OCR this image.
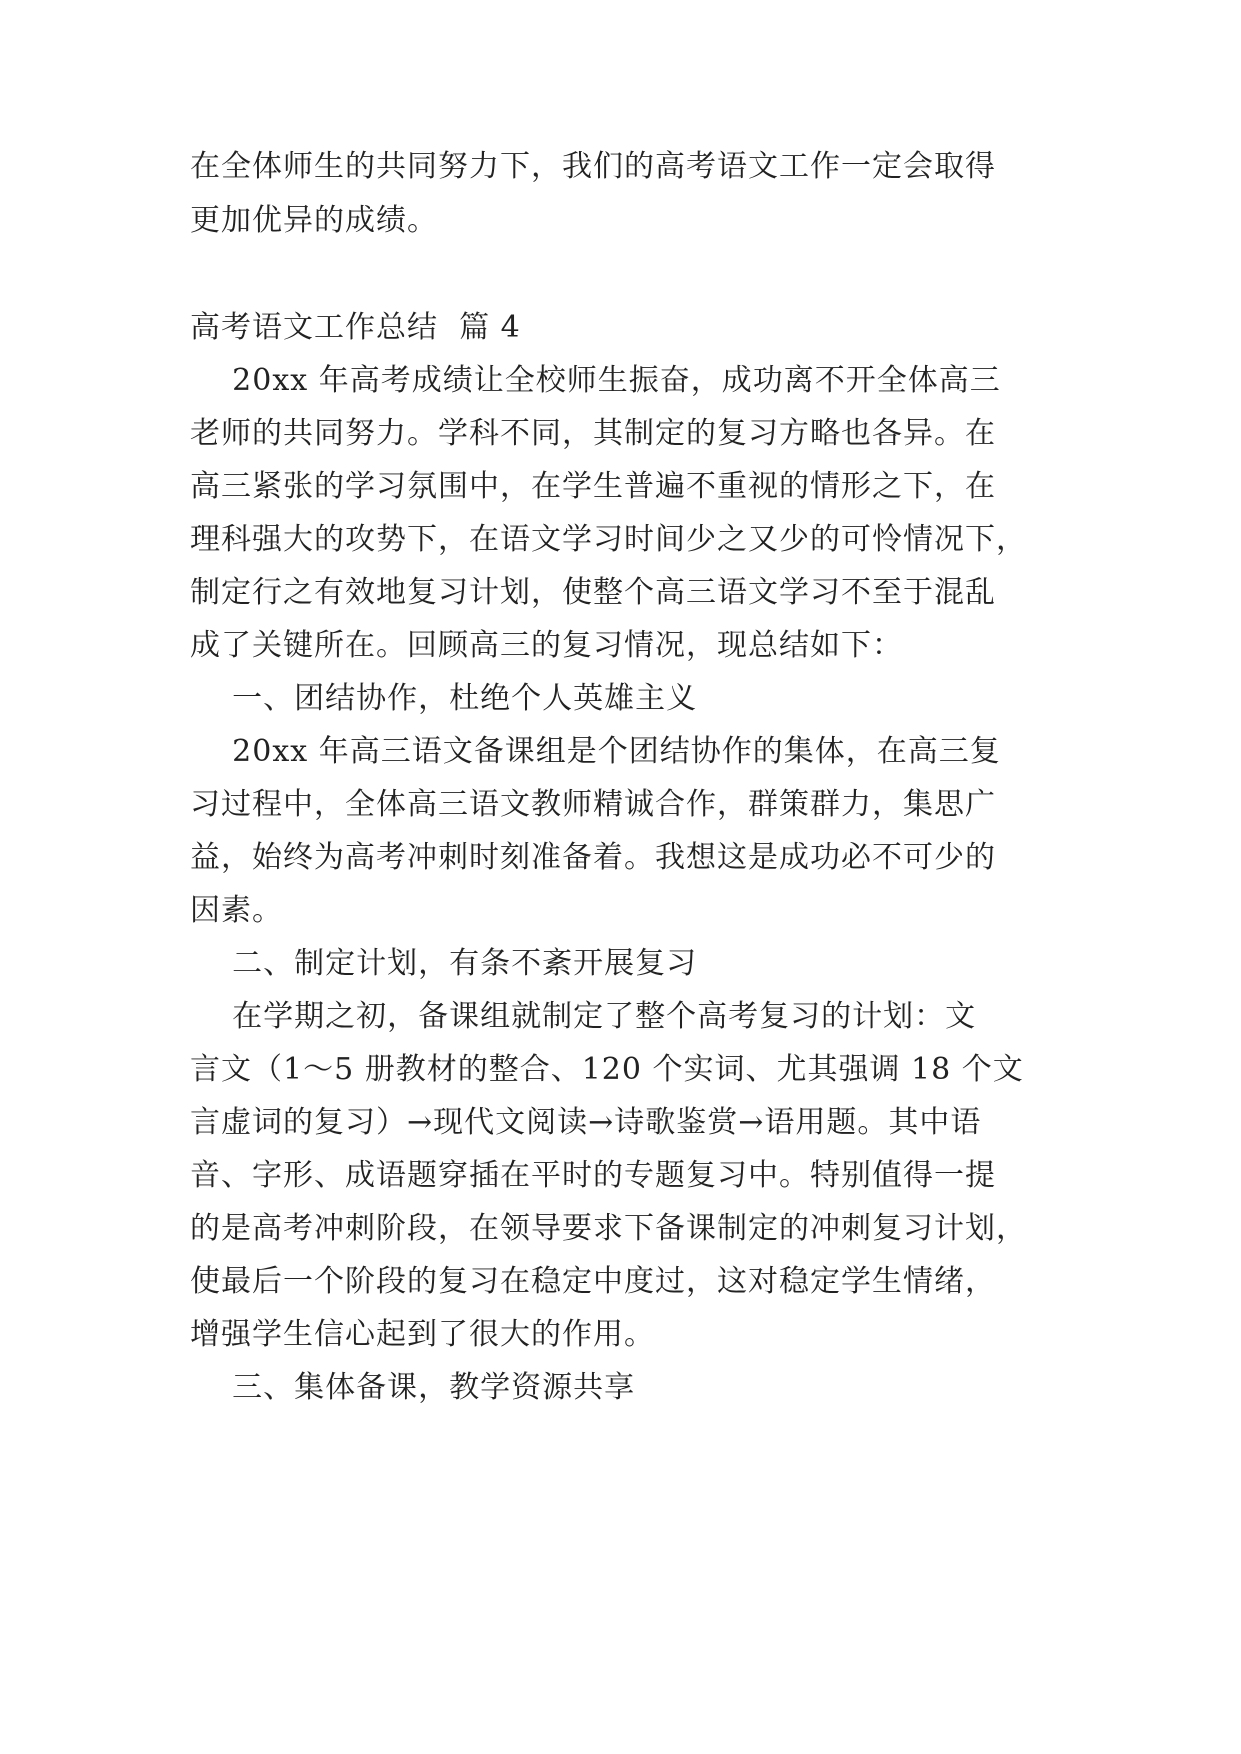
在全体师生的共同努力下，我们的高考语文工作一定会取得
更加优异的成绩。
高考语文工作总结  篇 4
20xx 年高考成绩让全校师生振奋，成功离不开全体高三
老师的共同努力。学科不同，其制定的复习方略也各异。在
高三紧张的学习氛围中，在学生普遍不重视的情形之下，在
理科强大的攻势下，在语文学习时间少之又少的可怜情况下，
制定行之有效地复习计划，使整个高三语文学习不至于混乱
成了关键所在。回顾高三的复习情况，现总结如下：
一、团结协作，杜绝个人英雄主义
20xx 年高三语文备课组是个团结协作的集体，在高三复
习过程中，全体高三语文教师精诚合作，群策群力，集思广
益，始终为高考冲刺时刻准备着。我想这是成功必不可少的
因素。
二、制定计划，有条不紊开展复习
在学期之初，备课组就制定了整个高考复习的计划：文
言文（1～5 册教材的整合、120 个实词、尤其强调 18 个文
言虚词的复习）→现代文阅读→诗歌鉴赏→语用题。其中语
音、字形、成语题穿插在平时的专题复习中。特别值得一提
的是高考冲刺阶段，在领导要求下备课制定的冲刺复习计划，
使最后一个阶段的复习在稳定中度过，这对稳定学生情绪，
增强学生信心起到了很大的作用。
三、集体备课，教学资源共享
